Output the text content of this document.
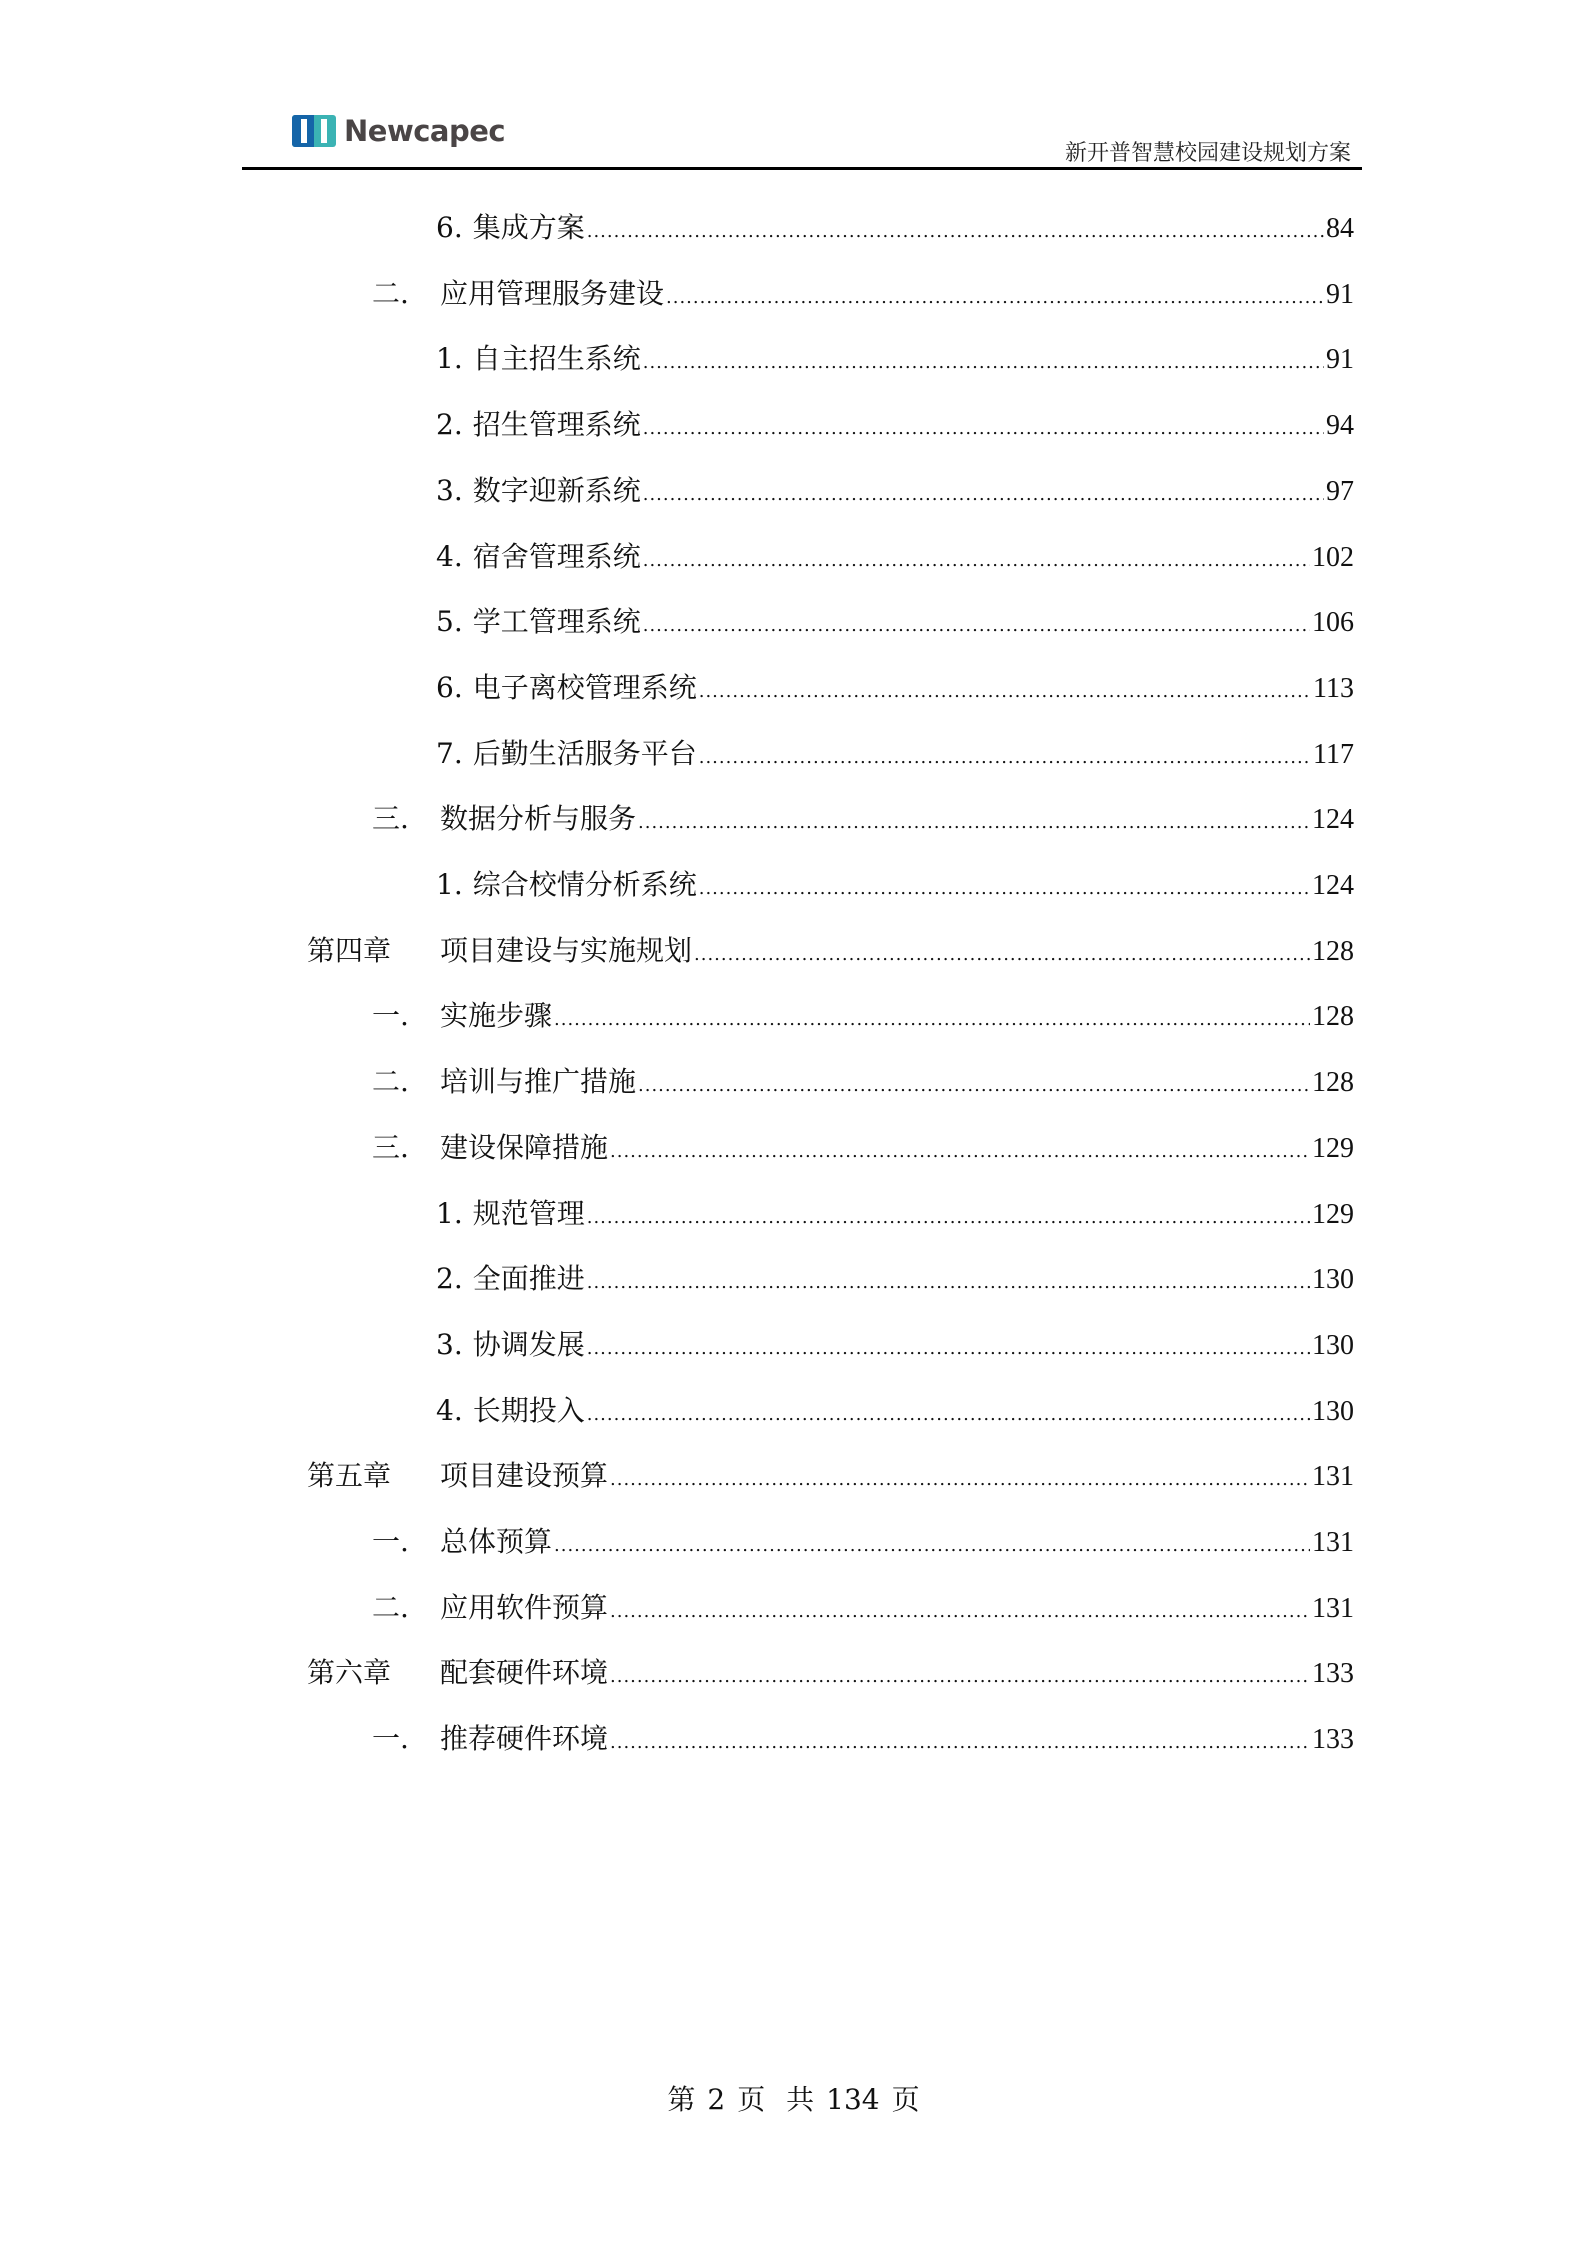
Newcapec
新开普智慧校园建设规划方案
6. 集成方案 .....	84
二.	应用管理服务建设 .....	91
1. 自主招生系统 .....	91
2. 招生管理系统 .....	94
3. 数字迎新系统 .....	97
4. 宿舍管理系统 .....	102
5. 学工管理系统 .....	106
6. 电子离校管理系统 .....	113
7. 后勤生活服务平台 .....	117
三.	数据分析与服务 .....	124
1. 综合校情分析系统 .....	124
第四章	项目建设与实施规划 .....	128
一.	实施步骤 .....	128
二.	培训与推广措施 .....	128
三.	建设保障措施 .....	129
1. 规范管理 .....	129
2. 全面推进 .....	130
3. 协调发展 .....	130
4. 长期投入 .....	130
第五章	项目建设预算 .....	131
一.	总体预算 .....	131
二.	应用软件预算 .....	131
第六章	配套硬件环境 .....	133
一.	推荐硬件环境 .....	133
第 2 页 共 134 页
